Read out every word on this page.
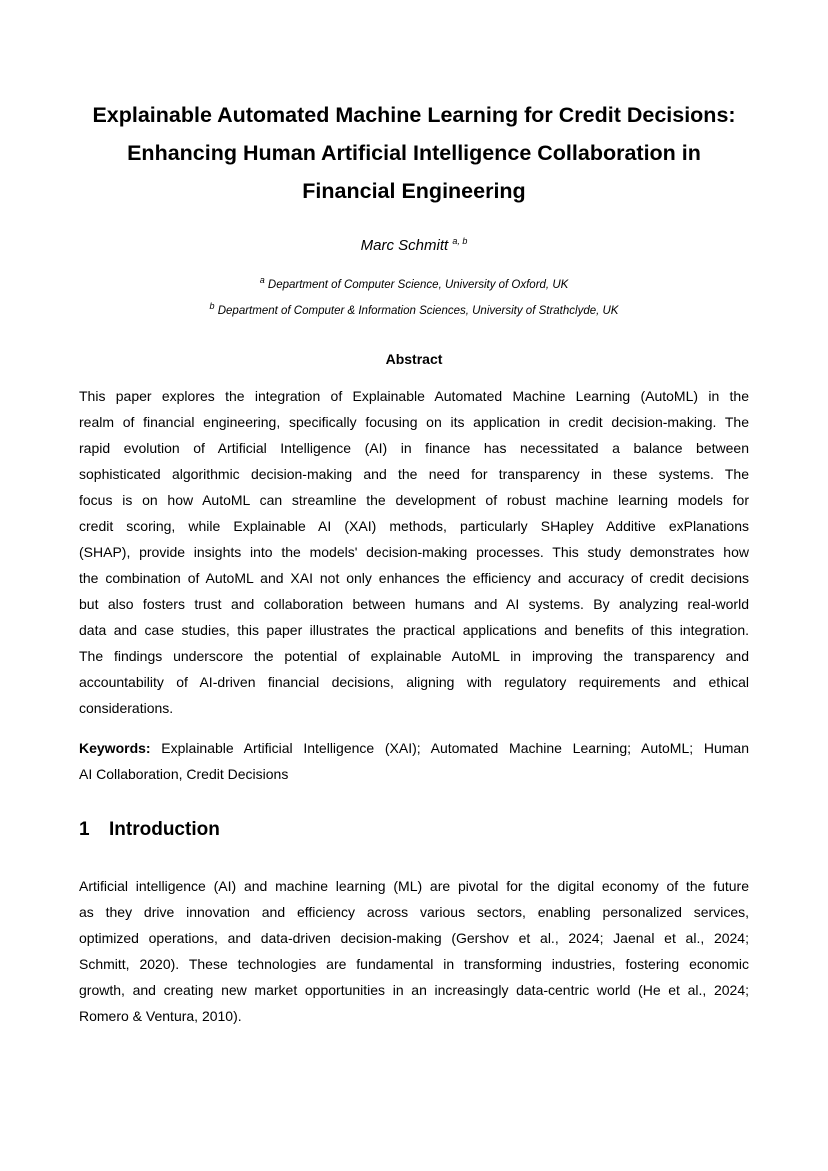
Explainable Automated Machine Learning for Credit Decisions:
Enhancing Human Artificial Intelligence Collaboration in
Financial Engineering
Marc Schmitt $^{a, b}$
$^a$ Department of Computer Science, University of Oxford, UK
$^b$ Department of Computer & Information Sciences, University of Strathclyde, UK
Abstract

This paper explores the integration of Explainable Automated Machine Learning (AutoML) in the
realm of financial engineering, specifically focusing on its application in credit decision-making. The
rapid evolution of Artificial Intelligence (AI) in finance has necessitated a balance between
sophisticated algorithmic decision-making and the need for transparency in these systems. The
focus is on how AutoML can streamline the development of robust machine learning models for
credit scoring, while Explainable AI (XAI) methods, particularly SHapley Additive exPlanations
(SHAP), provide insights into the models' decision-making processes. This study demonstrates how
the combination of AutoML and XAI not only enhances the efficiency and accuracy of credit decisions
but also fosters trust and collaboration between humans and AI systems. By analyzing real-world
data and case studies, this paper illustrates the practical applications and benefits of this integration.
The findings underscore the potential of explainable AutoML in improving the transparency and
accountability of AI-driven financial decisions, aligning with regulatory requirements and ethical
considerations.

Keywords: Explainable Artificial Intelligence (XAI); Automated Machine Learning; AutoML; Human
AI Collaboration, Credit Decisions

1 Introduction

Artificial intelligence (AI) and machine learning (ML) are pivotal for the digital economy of the future
as they drive innovation and efficiency across various sectors, enabling personalized services,
optimized operations, and data-driven decision-making (Gershov et al., 2024; Jaenal et al., 2024;
Schmitt, 2020). These technologies are fundamental in transforming industries, fostering economic
growth, and creating new market opportunities in an increasingly data-centric world (He et al., 2024;
Romero & Ventura, 2010).
